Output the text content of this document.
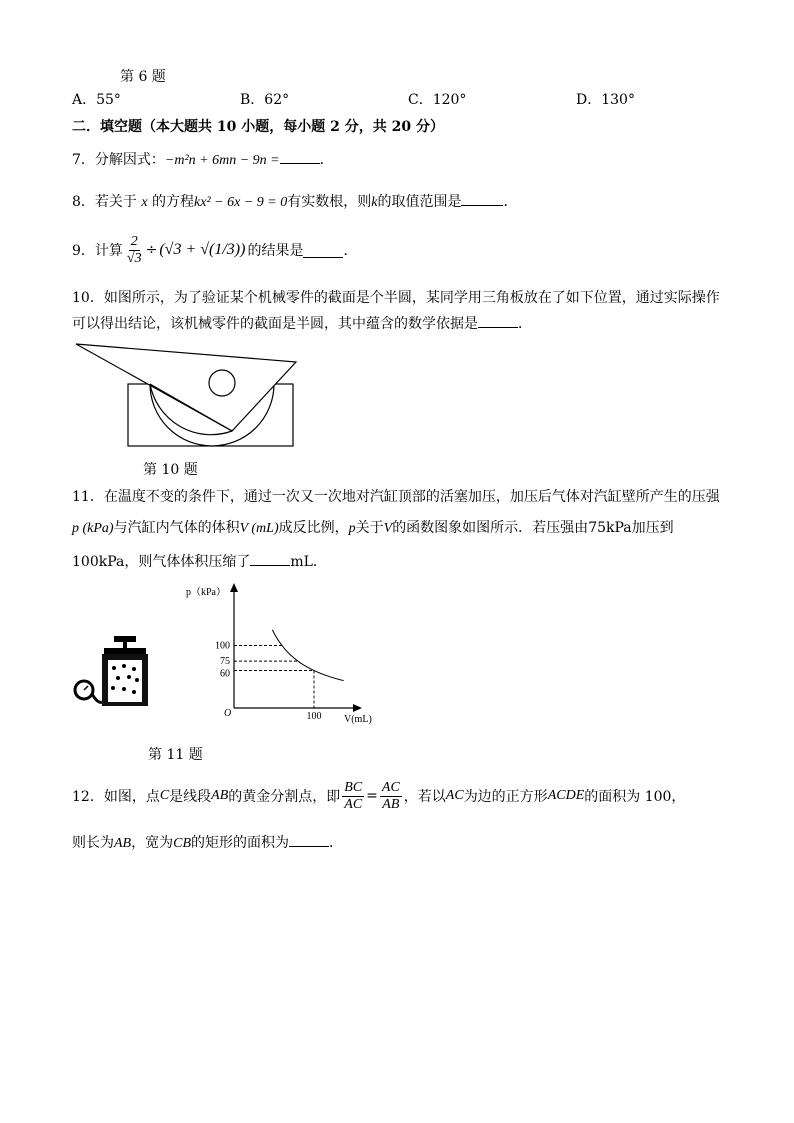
第 6 题
A．55°	B．62°	C．120°	D．130°
二．填空题（本大题共 10 小题，每小题 2 分，共 20 分）
7．分解因式：−m²n + 6mn − 9n =	．
8．若关于 x 的方程kx² − 6x − 9 = 0有实数根，则k的取值范围是	．
9．计算 $\frac{2}{√3} \div (√3 + √(1/3))$ 的结果是	．
10．如图所示，为了验证某个机械零件的截面是个半圆，某同学用三角板放在了如下位置，通过实际操作
可以得出结论，该机械零件的截面是半圆，其中蕴含的数学依据是	．
第 10 题
11．在温度不变的条件下，通过一次又一次地对汽缸顶部的活塞加压，加压后气体对汽缸壁所产生的压强
p (kPa)与汽缸内气体的体积V (mL)成反比例，p关于V的函数图象如图所示．若压强由75kPa加压到
100kPa，则气体体积压缩了	mL．
p（kPa）
100
75
60
100
O
V(mL)
第 11 题
12．如图，点 C 是线段 AB 的黄金分割点，即 $\frac{BC}{AC} = \frac{AC}{AB}$ ，若以 AC 为边的正方形 ACDE 的面积为 100，
则长为AB，宽为CB的矩形的面积为	．
